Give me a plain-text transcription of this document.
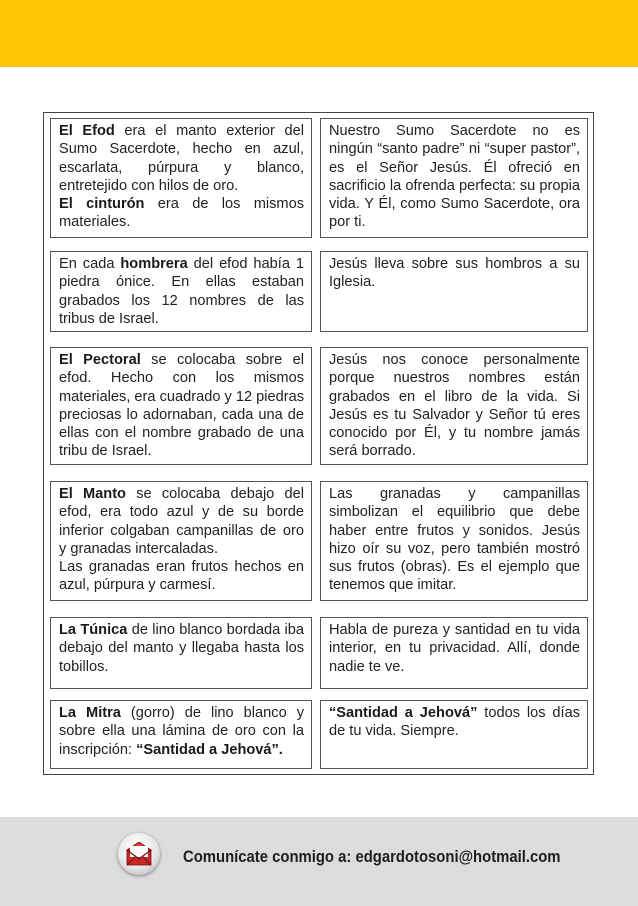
El Efod era el manto exterior del Sumo Sacerdote, hecho en azul, escarlata, púrpura y blanco, entretejido con hilos de oro.
El cinturón era de los mismos materiales.
Nuestro Sumo Sacerdote no es ningún “santo padre” ni “super pastor”, es el Señor Jesús. Él ofreció en sacrificio la ofrenda perfecta: su propia vida. Y Él, como Sumo Sacerdote, ora por ti.
En cada hombrera del efod había 1 piedra ónice. En ellas estaban grabados los 12 nombres de las tribus de Israel.
Jesús lleva sobre sus hombros a su Iglesia.
El Pectoral se colocaba sobre el efod. Hecho con los mismos materiales, era cuadrado y 12 piedras preciosas lo adornaban, cada una de ellas con el nombre grabado de una tribu de Israel.
Jesús nos conoce personalmente porque nuestros nombres están grabados en el libro de la vida. Si Jesús es tu Salvador y Señor tú eres conocido por Él, y tu nombre jamás será borrado.
El Manto se colocaba debajo del efod, era todo azul y de su borde inferior colgaban campanillas de oro y granadas intercaladas.
Las granadas eran frutos hechos en azul, púrpura y carmesí.
Las granadas y campanillas simbolizan el equilibrio que debe haber entre frutos y sonidos. Jesús hizo oír su voz, pero también mostró sus frutos (obras). Es el ejemplo que tenemos que imitar.
La Túnica de lino blanco bordada iba debajo del manto y llegaba hasta los tobillos.
Habla de pureza y santidad en tu vida interior, en tu privacidad. Allí, donde nadie te ve.
La Mitra (gorro) de lino blanco y sobre ella una lámina de oro con la inscripción: “Santidad a Jehová”.
“Santidad a Jehová” todos los días de tu vida. Siempre.
Comunícate conmigo a: edgardotosoni@hotmail.com
